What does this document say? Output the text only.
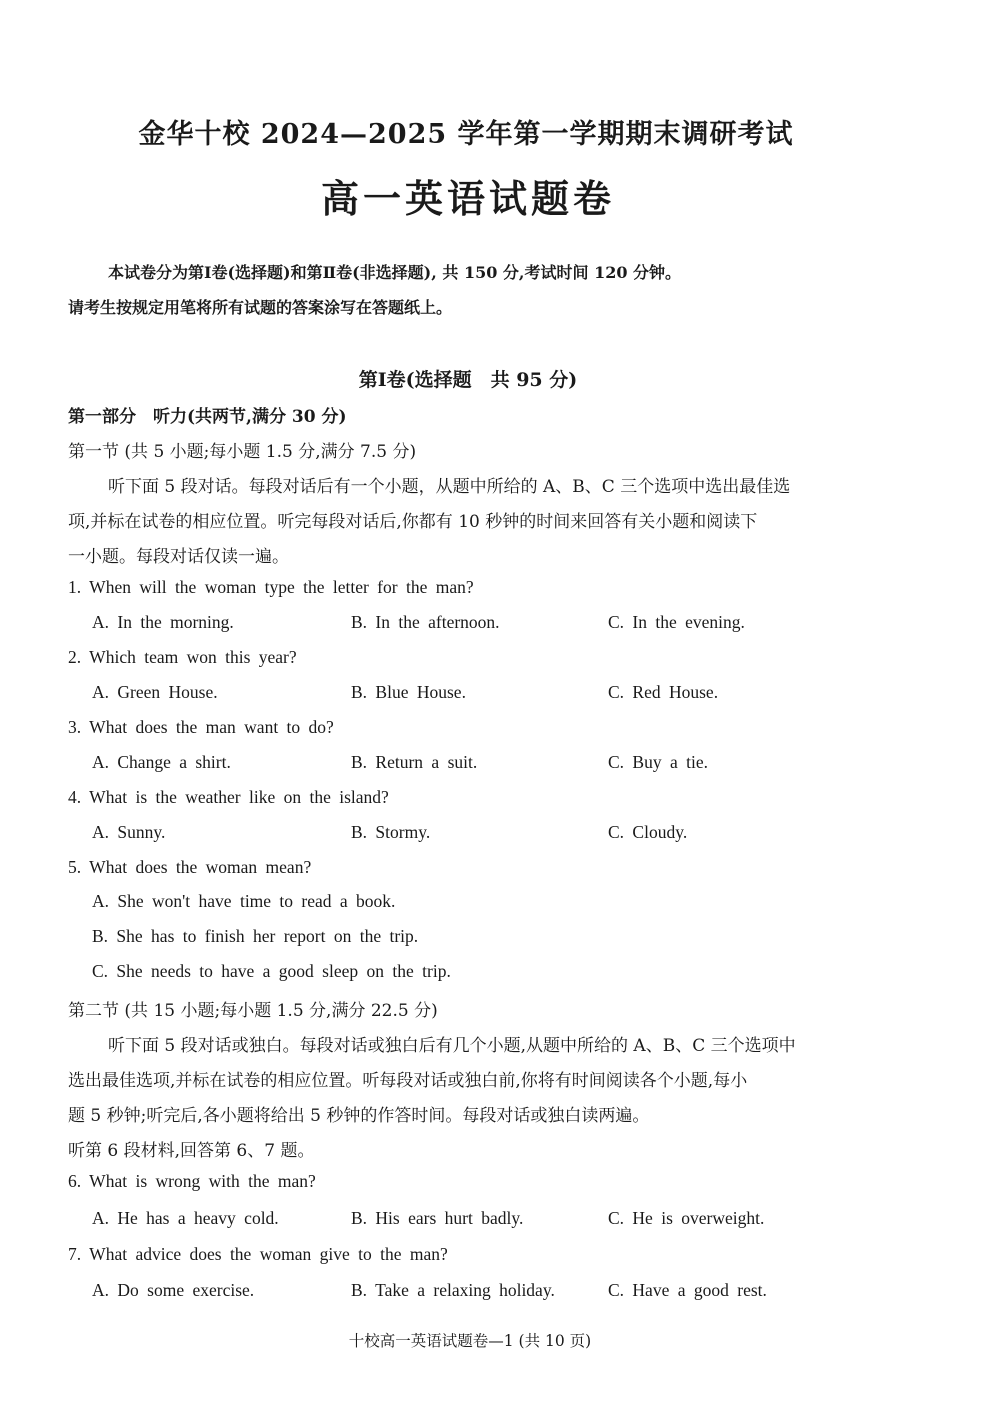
金华十校 2024—2025 学年第一学期期末调研考试
高一英语试题卷
本试卷分为第Ⅰ卷(选择题)和第Ⅱ卷(非选择题), 共 150 分,考试时间 120 分钟。
请考生按规定用笔将所有试题的答案涂写在答题纸上。
第Ⅰ卷(选择题　共 95 分)
第一部分　听力(共两节,满分 30 分)
第一节 (共 5 小题;每小题 1.5 分,满分 7.5 分)
听下面 5 段对话。每段对话后有一个小题，从题中所给的 A、B、C 三个选项中选出最佳选
项,并标在试卷的相应位置。听完每段对话后,你都有 10 秒钟的时间来回答有关小题和阅读下
一小题。每段对话仅读一遍。
1. When will the woman type the letter for the man?
A. In the morning.	B. In the afternoon.	C. In the evening.
2. Which team won this year?
A. Green House.	B. Blue House.	C. Red House.
3. What does the man want to do?
A. Change a shirt.	B. Return a suit.	C. Buy a tie.
4. What is the weather like on the island?
A. Sunny.	B. Stormy.	C. Cloudy.
5. What does the woman mean?
A. She won't have time to read a book.
B. She has to finish her report on the trip.
C. She needs to have a good sleep on the trip.
第二节 (共 15 小题;每小题 1.5 分,满分 22.5 分)
听下面 5 段对话或独白。每段对话或独白后有几个小题,从题中所给的 A、B、C 三个选项中
选出最佳选项,并标在试卷的相应位置。听每段对话或独白前,你将有时间阅读各个小题,每小
题 5 秒钟;听完后,各小题将给出 5 秒钟的作答时间。每段对话或独白读两遍。
听第 6 段材料,回答第 6、7 题。
6. What is wrong with the man?
A. He has a heavy cold.	B. His ears hurt badly.	C. He is overweight.
7. What advice does the woman give to the man?
A. Do some exercise.	B. Take a relaxing holiday.	C. Have a good rest.
十校高一英语试题卷—1 (共 10 页)
